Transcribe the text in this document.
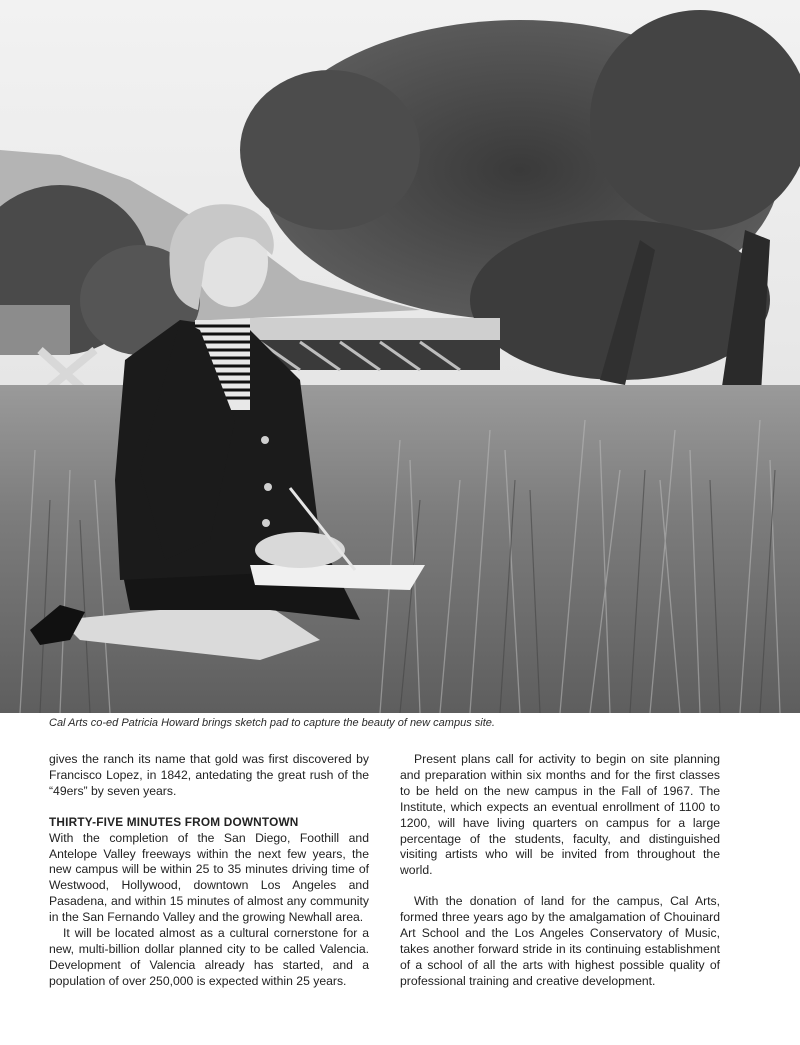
Cal Arts co-ed Patricia Howard brings sketch pad to capture the beauty of new campus site.

gives the ranch its name that gold was first discovered by Francisco Lopez, in 1842, antedating the great rush of the “49ers” by seven years.

THIRTY-FIVE MINUTES FROM DOWNTOWN

With the completion of the San Diego, Foothill and Antelope Valley freeways within the next few years, the new campus will be within 25 to 35 minutes driving time of Westwood, Hollywood, downtown Los Angeles and Pasadena, and within 15 minutes of almost any community in the San Fernando Valley and the growing Newhall area.

It will be located almost as a cultural cornerstone for a new, multi-billion dollar planned city to be called Valencia. Development of Valencia already has started, and a population of over 250,000 is expected within 25 years.

Present plans call for activity to begin on site planning and preparation within six months and for the first classes to be held on the new campus in the Fall of 1967. The Institute, which expects an eventual enrollment of 1100 to 1200, will have living quarters on campus for a large percentage of the students, faculty, and distinguished visiting artists who will be invited from throughout the world.

With the donation of land for the campus, Cal Arts, formed three years ago by the amalgamation of Chouinard Art School and the Los Angeles Conservatory of Music, takes another forward stride in its continuing establishment of a school of all the arts with highest possible quality of professional training and creative development.
